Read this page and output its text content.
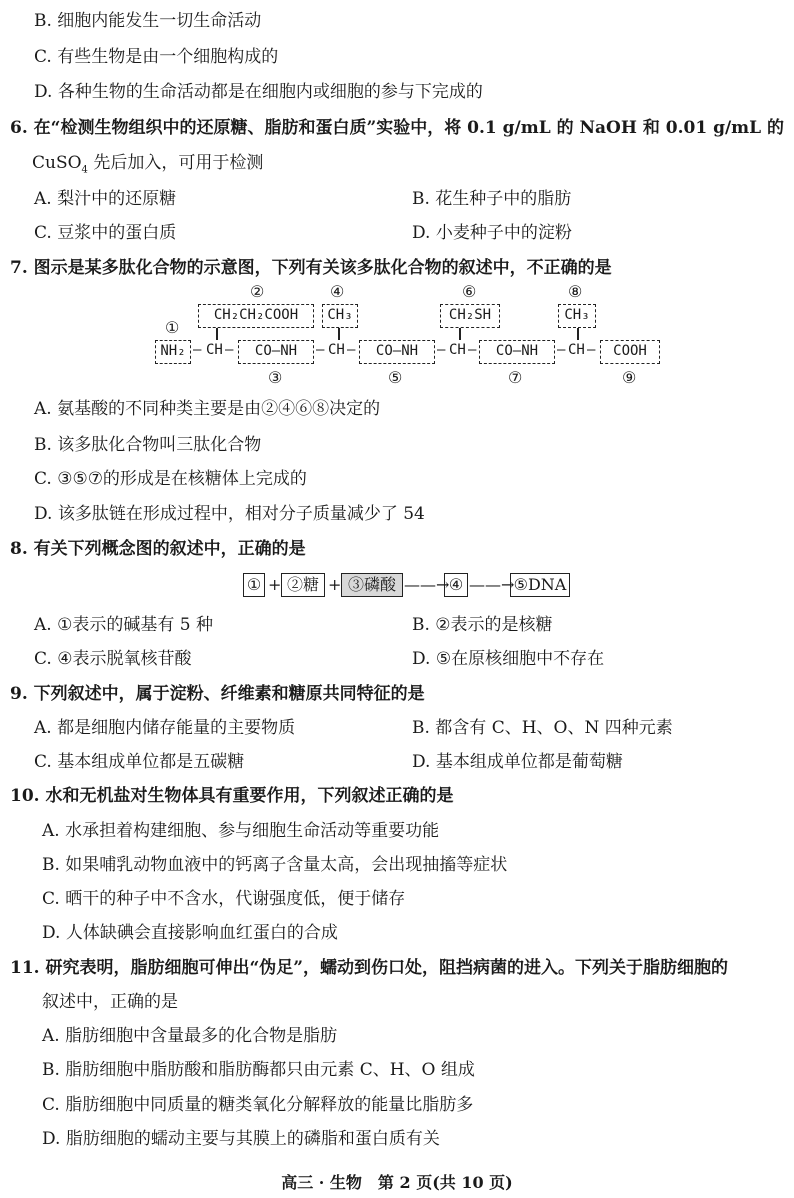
B. 细胞内能发生一切生命活动
C. 有些生物是由一个细胞构成的
D. 各种生物的生命活动都是在细胞内或细胞的参与下完成的
6. 在“检测生物组织中的还原糖、脂肪和蛋白质”实验中，将 0.1 g/mL 的 NaOH 和 0.01 g/mL 的
CuSO$_4$ 先后加入，可用于检测
A. 梨汁中的还原糖	B. 花生种子中的脂肪
C. 豆浆中的蛋白质	D. 小麦种子中的淀粉
7. 图示是某多肽化合物的示意图，下列有关该多肽化合物的叙述中，不正确的是
②	④	⑥	⑧
CH₂CH₂COOH	CH₃	CH₂SH	CH₃
①
NH₂ — CH —	CO—NH	— CH —	CO—NH	— CH —	CO—NH	— CH —	COOH
③	⑤	⑦	⑨
A. 氨基酸的不同种类主要是由②④⑥⑧决定的
B. 该多肽化合物叫三肽化合物
C. ③⑤⑦的形成是在核糖体上完成的
D. 该多肽链在形成过程中，相对分子质量减少了 54
8. 有关下列概念图的叙述中，正确的是
① + ②糖 + ③磷酸 ——→ ④ ——→ ⑤DNA
A. ①表示的碱基有 5 种	B. ②表示的是核糖
C. ④表示脱氧核苷酸	D. ⑤在原核细胞中不存在
9. 下列叙述中，属于淀粉、纤维素和糖原共同特征的是
A. 都是细胞内储存能量的主要物质	B. 都含有 C、H、O、N 四种元素
C. 基本组成单位都是五碳糖	D. 基本组成单位都是葡萄糖
10. 水和无机盐对生物体具有重要作用，下列叙述正确的是
A. 水承担着构建细胞、参与细胞生命活动等重要功能
B. 如果哺乳动物血液中的钙离子含量太高，会出现抽搐等症状
C. 晒干的种子中不含水，代谢强度低，便于储存
D. 人体缺碘会直接影响血红蛋白的合成
11. 研究表明，脂肪细胞可伸出“伪足”，蠕动到伤口处，阻挡病菌的进入。下列关于脂肪细胞的
叙述中，正确的是
A. 脂肪细胞中含量最多的化合物是脂肪
B. 脂肪细胞中脂肪酸和脂肪酶都只由元素 C、H、O 组成
C. 脂肪细胞中同质量的糖类氧化分解释放的能量比脂肪多
D. 脂肪细胞的蠕动主要与其膜上的磷脂和蛋白质有关
高三 · 生物　第 2 页(共 10 页)
